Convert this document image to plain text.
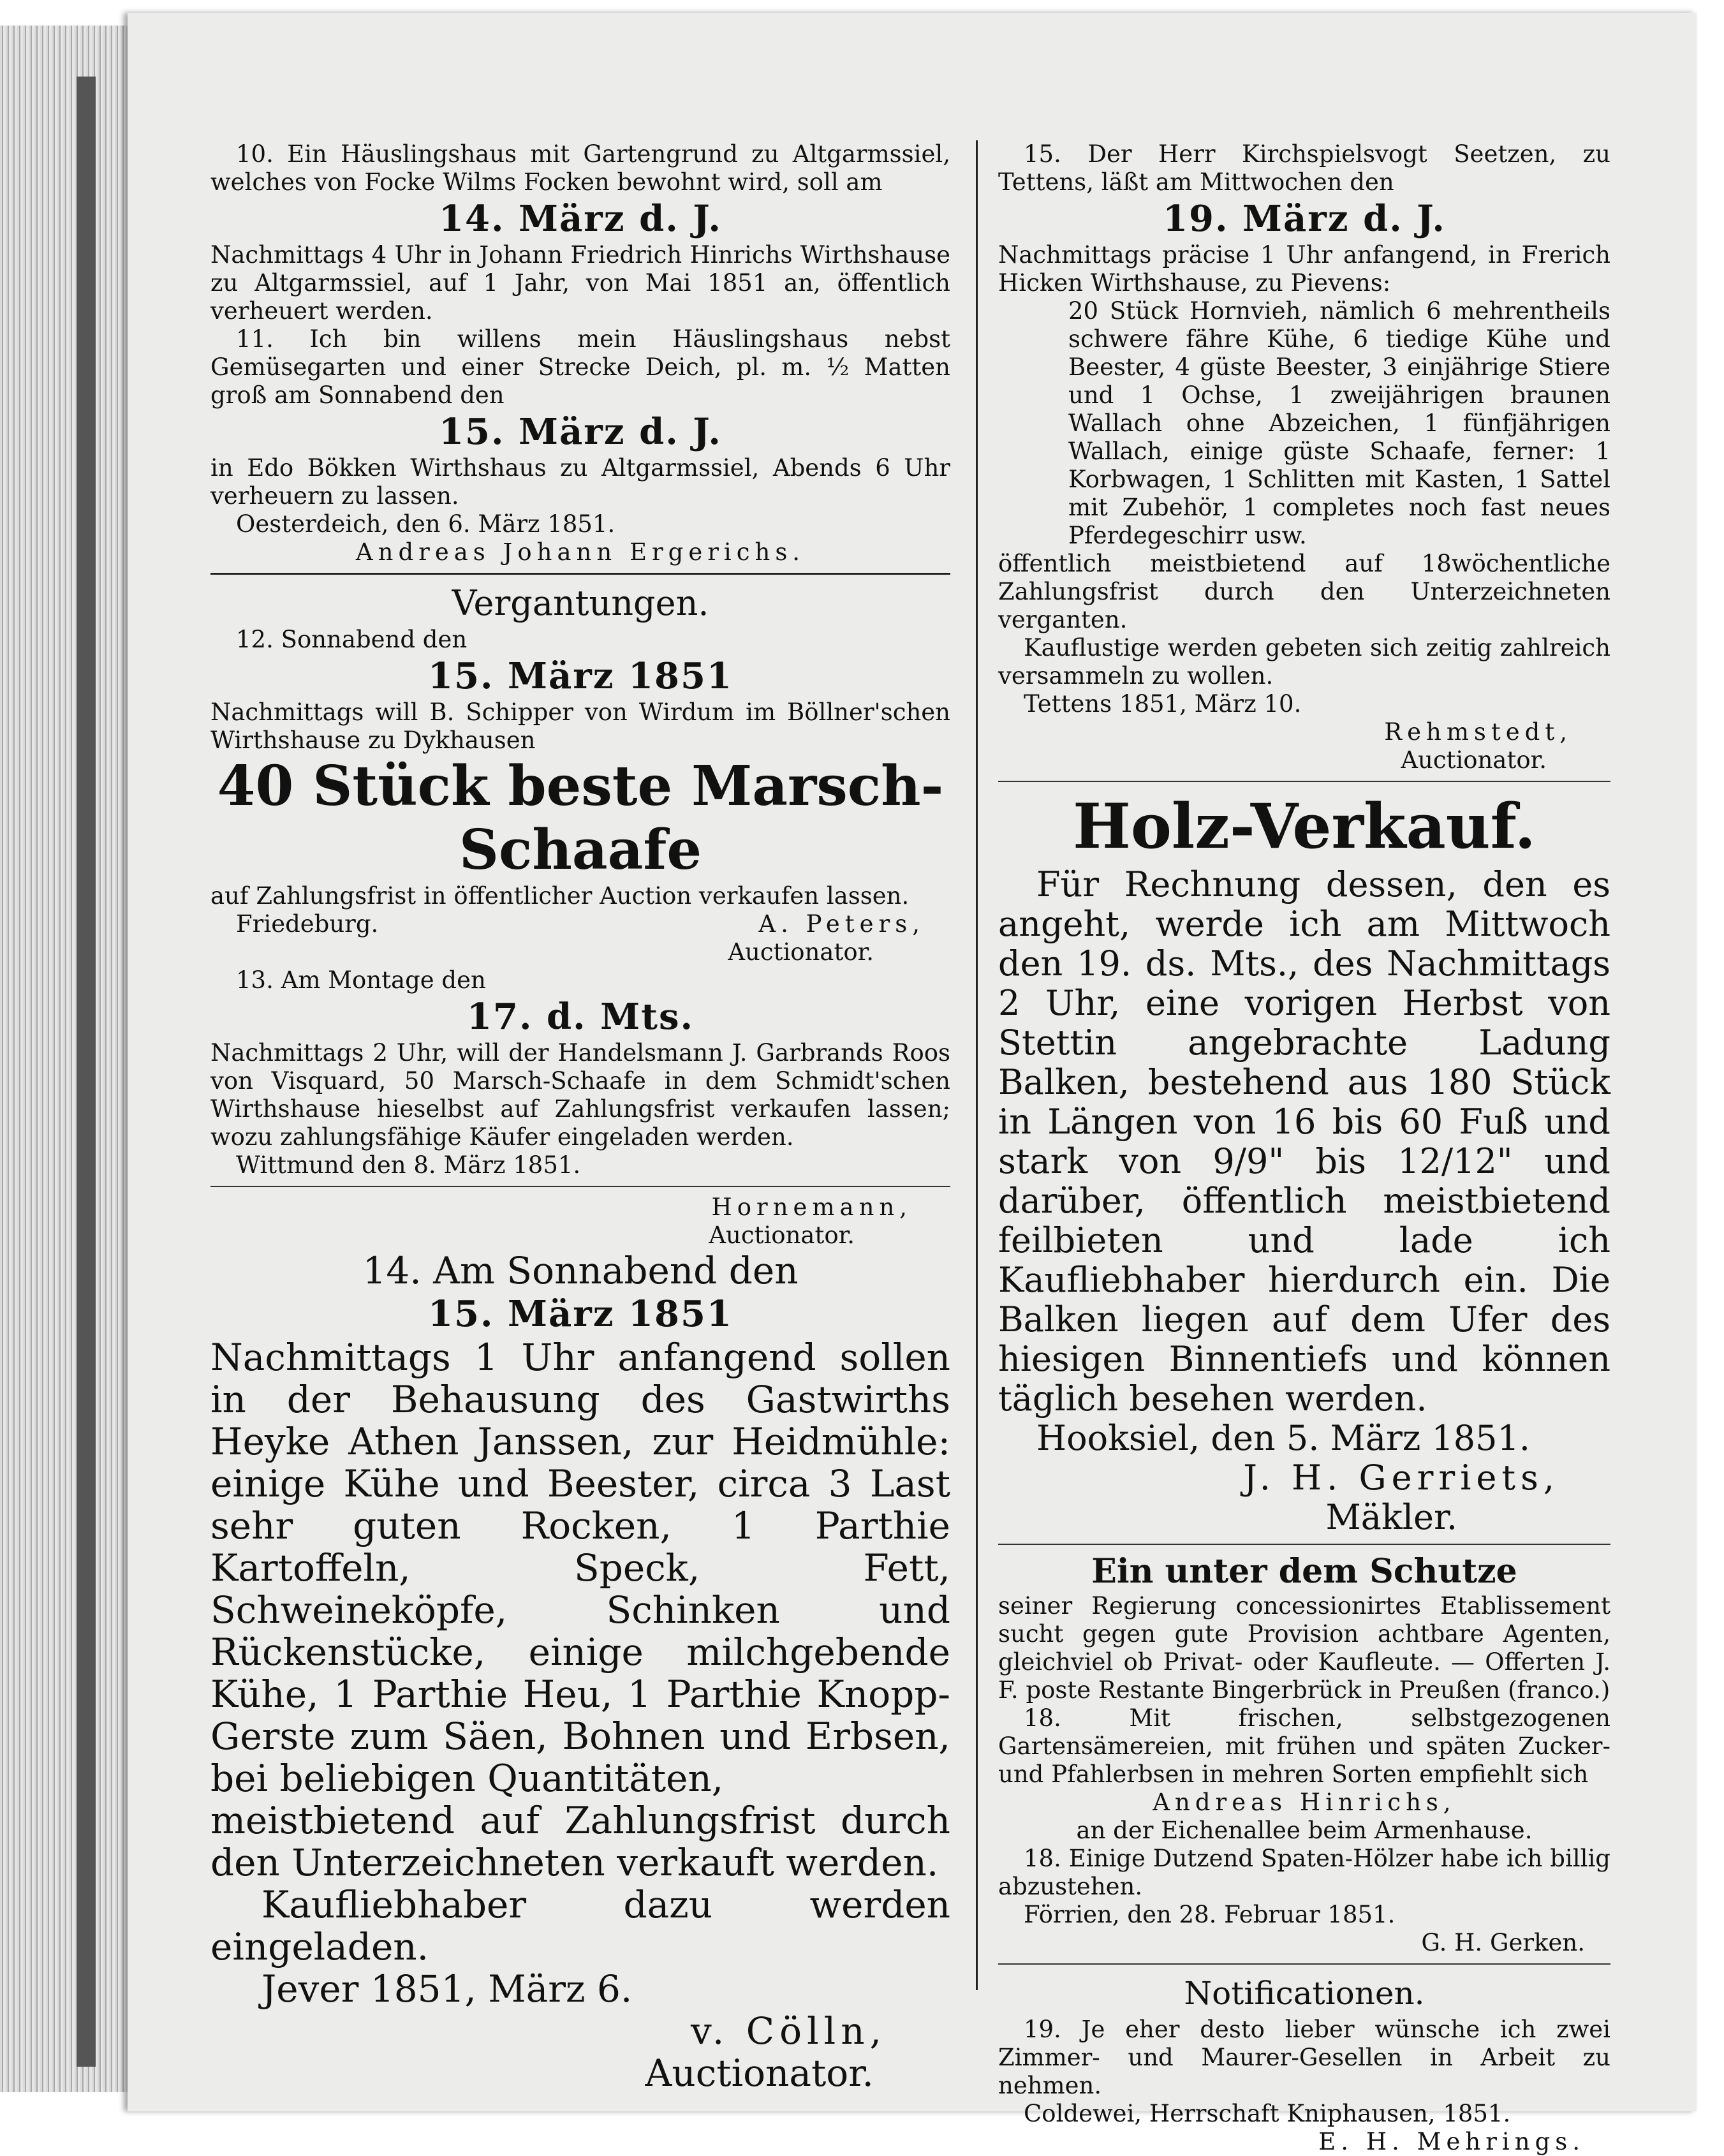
10. Ein Häuslingshaus mit Gartengrund zu Altgarmssiel, welches von Focke Wilms Focken bewohnt wird, soll am

14. März d. J.

Nachmittags 4 Uhr in Johann Friedrich Hinrichs Wirthshause zu Altgarmssiel, auf 1 Jahr, von Mai 1851 an, öffentlich verheuert werden.

11. Ich bin willens mein Häuslingshaus nebst Gemüsegarten und einer Strecke Deich, pl. m. ½ Matten groß am Sonnabend den

15. März d. J.

in Edo Bökken Wirthshaus zu Altgarmssiel, Abends 6 Uhr verheuern zu lassen.

Oesterdeich, den 6. März 1851.

Andreas Johann Ergerichs.

Vergantungen.

12. Sonnabend den

15. März 1851

Nachmittags will B. Schipper von Wirdum im Böllner'schen Wirthshause zu Dykhausen

40 Stück beste Marsch-Schaafe

auf Zahlungsfrist in öffentlicher Auction verkaufen lassen.

Friedeburg.	A. Peters,

Auctionator.

13. Am Montage den

17. d. Mts.

Nachmittags 2 Uhr, will der Handelsmann J. Garbrands Roos von Visquard, 50 Marsch-Schaafe in dem Schmidt'schen Wirthshause hieselbst auf Zahlungsfrist verkaufen lassen; wozu zahlungsfähige Käufer eingeladen werden.

Wittmund den 8. März 1851.

Hornemann,

Auctionator.

14. Am Sonnabend den

15. März 1851

Nachmittags 1 Uhr anfangend sollen in der Behausung des Gastwirths Heyke Athen Janssen, zur Heidmühle: einige Kühe und Beester, circa 3 Last sehr guten Rocken, 1 Parthie Kartoffeln, Speck, Fett, Schweineköpfe, Schinken und Rückenstücke, einige milchgebende Kühe, 1 Parthie Heu, 1 Parthie Knopp-Gerste zum Säen, Bohnen und Erbsen, bei beliebigen Quantitäten,

meistbietend auf Zahlungsfrist durch den Unterzeichneten verkauft werden.

Kaufliebhaber dazu werden eingeladen.

Jever 1851, März 6.

v. Cölln,

Auctionator.

15. Der Herr Kirchspielsvogt Seetzen, zu Tettens, läßt am Mittwochen den

19. März d. J.

Nachmittags präcise 1 Uhr anfangend, in Frerich Hicken Wirthshause, zu Pievens:

20 Stück Hornvieh, nämlich 6 mehrentheils schwere fähre Kühe, 6 tiedige Kühe und Beester, 4 güste Beester, 3 einjährige Stiere und 1 Ochse, 1 zweijährigen braunen Wallach ohne Abzeichen, 1 fünfjährigen Wallach, einige güste Schaafe, ferner: 1 Korbwagen, 1 Schlitten mit Kasten, 1 Sattel mit Zubehör, 1 completes noch fast neues Pferdegeschirr usw.

öffentlich meistbietend auf 18wöchentliche Zahlungsfrist durch den Unterzeichneten verganten.

Kauflustige werden gebeten sich zeitig zahlreich versammeln zu wollen.

Tettens 1851, März 10.

Rehmstedt,

Auctionator.

Holz-Verkauf.

Für Rechnung dessen, den es angeht, werde ich am Mittwoch den 19. ds. Mts., des Nachmittags 2 Uhr, eine vorigen Herbst von Stettin angebrachte Ladung Balken, bestehend aus 180 Stück in Längen von 16 bis 60 Fuß und stark von 9/9" bis 12/12" und darüber, öffentlich meistbietend feilbieten und lade ich Kaufliebhaber hierdurch ein. Die Balken liegen auf dem Ufer des hiesigen Binnentiefs und können täglich besehen werden.

Hooksiel, den 5. März 1851.

J. H. Gerriets,

Mäkler.

Ein unter dem Schutze

seiner Regierung concessionirtes Etablissement sucht gegen gute Provision achtbare Agenten, gleichviel ob Privat- oder Kaufleute. — Offerten J. F. poste Restante Bingerbrück in Preußen (franco.)

18. Mit frischen, selbstgezogenen Gartensämereien, mit frühen und späten Zucker- und Pfahlerbsen in mehren Sorten empfiehlt sich

Andreas Hinrichs,

an der Eichenallee beim Armenhause.

18. Einige Dutzend Spaten-Hölzer habe ich billig abzustehen.

Förrien, den 28. Februar 1851.

G. H. Gerken.

Notificationen.

19. Je eher desto lieber wünsche ich zwei Zimmer- und Maurer-Gesellen in Arbeit zu nehmen.

Coldewei, Herrschaft Kniphausen, 1851.

E. H. Mehrings.
